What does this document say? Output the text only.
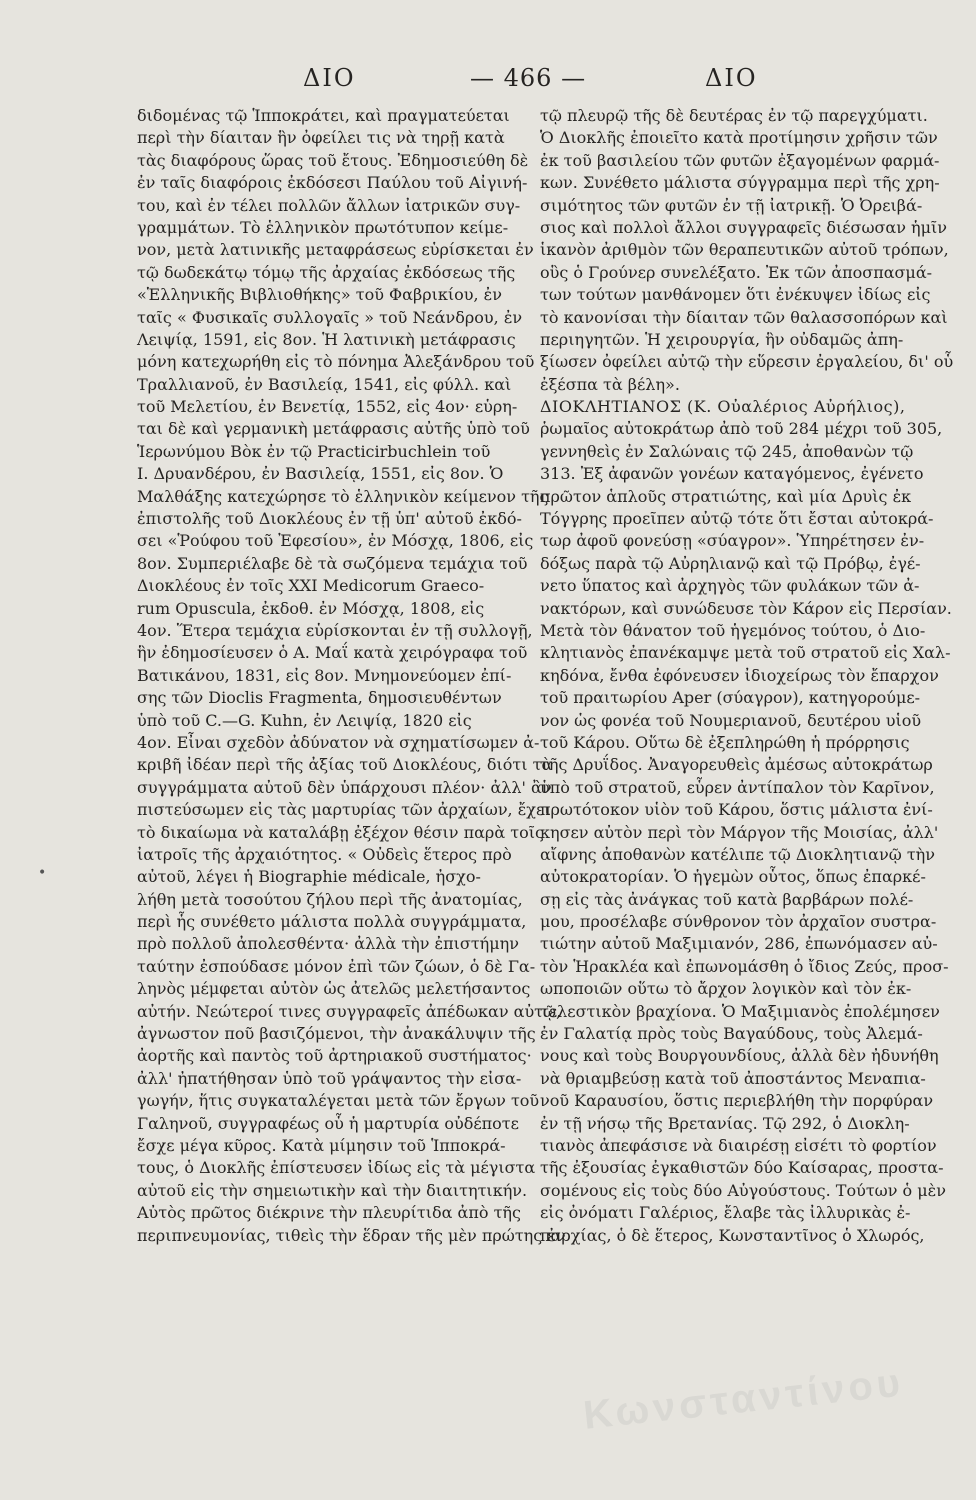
ΔΙΟ	— 466 —	ΔΙΟ
•
διδομένας τῷ Ἱπποκράτει, καὶ πραγματεύεται
περὶ τὴν δίαιταν ἣν ὀφείλει τις νὰ τηρῇ κατὰ
τὰς διαφόρους ὥρας τοῦ ἔτους. Ἐδημοσιεύθη δὲ
ἐν ταῖς διαφόροις ἐκδόσεσι Παύλου τοῦ Αἰγινή-
του, καὶ ἐν τέλει πολλῶν ἄλλων ἰατρικῶν συγ-
γραμμάτων. Τὸ ἑλληνικὸν πρωτότυπον κείμε-
νον, μετὰ λατινικῆς μεταφράσεως εὑρίσκεται ἐν
τῷ δωδεκάτῳ τόμῳ τῆς ἀρχαίας ἐκδόσεως τῆς
«Ἑλληνικῆς Βιβλιοθήκης» τοῦ Φαβρικίου, ἐν
ταῖς « Φυσικαῖς συλλογαῖς » τοῦ Νεάνδρου, ἐν
Λειψίᾳ, 1591, εἰς 8ον. Ἡ λατινικὴ μετάφρασις
μόνη κατεχωρήθη εἰς τὸ πόνημα Ἀλεξάνδρου τοῦ
Τραλλιανοῦ, ἐν Βασιλείᾳ, 1541, εἰς φύλλ. καὶ
τοῦ Μελετίου, ἐν Βενετίᾳ, 1552, εἰς 4ον· εὑρη-
ται δὲ καὶ γερμανικὴ μετάφρασις αὐτῆς ὑπὸ τοῦ
Ἱερωνύμου Βὸκ ἐν τῷ Practicirbuchlein τοῦ
Ι. Δρυανδέρου, ἐν Βασιλείᾳ, 1551, εἰς 8ον. Ὁ
Μαλθάξης κατεχώρησε τὸ ἑλληνικὸν κείμενον τῆς
ἐπιστολῆς τοῦ Διοκλέους ἐν τῇ ὑπ' αὐτοῦ ἐκδό-
σει «Ῥούφου τοῦ Ἐφεσίου», ἐν Μόσχᾳ, 1806, εἰς
8ον. Συμπεριέλαβε δὲ τὰ σωζόμενα τεμάχια τοῦ
Διοκλέους ἐν τοῖς XXI Medicorum Graeco-
rum Opuscula, ἐκδοθ. ἐν Μόσχᾳ, 1808, εἰς
4ον. Ἕτερα τεμάχια εὑρίσκονται ἐν τῇ συλλογῇ,
ἣν ἐδημοσίευσεν ὁ Α. Μαΐ κατὰ χειρόγραφα τοῦ
Βατικάνου, 1831, εἰς 8ον. Μνημονεύομεν ἐπί-
σης τῶν Dioclis Fragmenta, δημοσιευθέντων
ὑπὸ τοῦ C.—G. Kuhn, ἐν Λειψίᾳ, 1820 εἰς
4ον. Εἶναι σχεδὸν ἀδύνατον νὰ σχηματίσωμεν ἀ-
κριβῆ ἰδέαν περὶ τῆς ἀξίας τοῦ Διοκλέους, διότι τὰ
συγγράμματα αὐτοῦ δὲν ὑπάρχουσι πλέον· ἀλλ' ἂν
πιστεύσωμεν εἰς τὰς μαρτυρίας τῶν ἀρχαίων, ἔχει
τὸ δικαίωμα νὰ καταλάβῃ ἐξέχον θέσιν παρὰ τοῖς
ἰατροῖς τῆς ἀρχαιότητος. « Οὐδεὶς ἕτερος πρὸ
αὐτοῦ, λέγει ἡ Biographie médicale, ἠσχο-
λήθη μετὰ τοσούτου ζήλου περὶ τῆς ἀνατομίας,
περὶ ἧς συνέθετο μάλιστα πολλὰ συγγράμματα,
πρὸ πολλοῦ ἀπολεσθέντα· ἀλλὰ τὴν ἐπιστήμην
ταύτην ἐσπούδασε μόνον ἐπὶ τῶν ζώων, ὁ δὲ Γα-
ληνὸς μέμφεται αὐτὸν ὡς ἀτελῶς μελετήσαντος
αὐτήν. Νεώτεροί τινες συγγραφεῖς ἀπέδωκαν αὐτῷ,
ἀγνωστον ποῦ βασιζόμενοι, τὴν ἀνακάλυψιν τῆς
ἀορτῆς καὶ παντὸς τοῦ ἀρτηριακοῦ συστήματος·
ἀλλ' ἠπατήθησαν ὑπὸ τοῦ γράψαντος τὴν εἰσα-
γωγήν, ἥτις συγκαταλέγεται μετὰ τῶν ἔργων τοῦ
Γαληνοῦ, συγγραφέως οὗ ἡ μαρτυρία οὐδέποτε
ἔσχε μέγα κῦρος. Κατὰ μίμησιν τοῦ Ἱπποκρά-
τους, ὁ Διοκλῆς ἐπίστευσεν ἰδίως εἰς τὰ μέγιστα
αὐτοῦ εἰς τὴν σημειωτικὴν καὶ τὴν διαιτητικήν.
Αὐτὸς πρῶτος διέκρινε τὴν πλευρίτιδα ἀπὸ τῆς
περιπνευμονίας, τιθεὶς τὴν ἕδραν τῆς μὲν πρώτης ἐν
τῷ πλευρῷ τῆς δὲ δευτέρας ἐν τῷ παρεγχύματι.
Ὁ Διοκλῆς ἐποιεῖτο κατὰ προτίμησιν χρῆσιν τῶν
ἐκ τοῦ βασιλείου τῶν φυτῶν ἐξαγομένων φαρμά-
κων. Συνέθετο μάλιστα σύγγραμμα περὶ τῆς χρη-
σιμότητος τῶν φυτῶν ἐν τῇ ἰατρικῇ. Ὁ Ὀρειβά-
σιος καὶ πολλοὶ ἄλλοι συγγραφεῖς διέσωσαν ἡμῖν
ἱκανὸν ἀριθμὸν τῶν θεραπευτικῶν αὐτοῦ τρόπων,
οὓς ὁ Γρούνερ συνελέξατο. Ἐκ τῶν ἀποσπασμά-
των τούτων μανθάνομεν ὅτι ἐνέκυψεν ἰδίως εἰς
τὸ κανονίσαι τὴν δίαιταν τῶν θαλασσοπόρων καὶ
περιηγητῶν. Ἡ χειρουργία, ἣν οὐδαμῶς ἀπη-
ξίωσεν ὀφείλει αὐτῷ τὴν εὕρεσιν ἐργαλείου, δι' οὗ
ἐξέσπα τὰ βέλη».
ΔΙΟΚΛΗΤΙΑΝΟΣ (Κ. Οὐαλέριος Αὐρήλιος),
ῥωμαῖος αὐτοκράτωρ ἀπὸ τοῦ 284 μέχρι τοῦ 305,
γεννηθεὶς ἐν Σαλώναις τῷ 245, ἀποθανὼν τῷ
313. Ἐξ ἀφανῶν γονέων καταγόμενος, ἐγένετο
πρῶτον ἁπλοῦς στρατιώτης, καὶ μία Δρυὶς ἐκ
Τόγγρης προεῖπεν αὐτῷ τότε ὅτι ἔσται αὐτοκρά-
τωρ ἀφοῦ φονεύσῃ «σύαγρον». Ὑπηρέτησεν ἐν-
δόξως παρὰ τῷ Αὐρηλιανῷ καὶ τῷ Πρόβῳ, ἐγέ-
νετο ὕπατος καὶ ἀρχηγὸς τῶν φυλάκων τῶν ἀ-
νακτόρων, καὶ συνώδευσε τὸν Κάρον εἰς Περσίαν.
Μετὰ τὸν θάνατον τοῦ ἡγεμόνος τούτου, ὁ Διο-
κλητιανὸς ἐπανέκαμψε μετὰ τοῦ στρατοῦ εἰς Χαλ-
κηδόνα, ἔνθα ἐφόνευσεν ἰδιοχείρως τὸν ἔπαρχον
τοῦ πραιτωρίου Aper (σύαγρον), κατηγορούμε-
νον ὡς φονέα τοῦ Νουμεριανοῦ, δευτέρου υἱοῦ
τοῦ Κάρου. Οὕτω δὲ ἐξεπληρώθη ἡ πρόρρησις
τῆς Δρυΐδος. Ἀναγορευθεὶς ἀμέσως αὐτοκράτωρ
ὑπὸ τοῦ στρατοῦ, εὗρεν ἀντίπαλον τὸν Καρῖνον,
πρωτότοκον υἱὸν τοῦ Κάρου, ὅστις μάλιστα ἐνί-
κησεν αὐτὸν περὶ τὸν Μάργον τῆς Μοισίας, ἀλλ'
αἴφνης ἀποθανὼν κατέλιπε τῷ Διοκλητιανῷ τὴν
αὐτοκρατορίαν. Ὁ ἡγεμὼν οὗτος, ὅπως ἐπαρκέ-
σῃ εἰς τὰς ἀνάγκας τοῦ κατὰ βαρβάρων πολέ-
μου, προσέλαβε σύνθρονον τὸν ἀρχαῖον συστρα-
τιώτην αὐτοῦ Μαξιμιανόν, 286, ἐπωνόμασεν αὐ-
τὸν Ἡρακλέα καὶ ἐπωνομάσθη ὁ ἴδιος Ζεύς, προσ-
ωποποιῶν οὕτω τὸ ἄρχον λογικὸν καὶ τὸν ἐκ-
τελεστικὸν βραχίονα. Ὁ Μαξιμιανὸς ἐπολέμησεν
ἐν Γαλατίᾳ πρὸς τοὺς Βαγαύδους, τοὺς Ἀλεμά-
νους καὶ τοὺς Βουργουνδίους, ἀλλὰ δὲν ἠδυνήθη
νὰ θριαμβεύσῃ κατὰ τοῦ ἀποστάντος Μεναπια-
νοῦ Καραυσίου, ὅστις περιεβλήθη τὴν πορφύραν
ἐν τῇ νήσῳ τῆς Βρετανίας. Τῷ 292, ὁ Διοκλη-
τιανὸς ἀπεφάσισε νὰ διαιρέσῃ εἰσέτι τὸ φορτίον
τῆς ἐξουσίας ἐγκαθιστῶν δύο Καίσαρας, προστα-
σομένους εἰς τοὺς δύο Αὐγούστους. Τούτων ὁ μὲν
εἰς ὀνόματι Γαλέριος, ἔλαβε τὰς ἰλλυρικὰς ἐ-
παρχίας, ὁ δὲ ἕτερος, Κωνσταντῖνος ὁ Χλωρός,
Κωνσταντίνου
